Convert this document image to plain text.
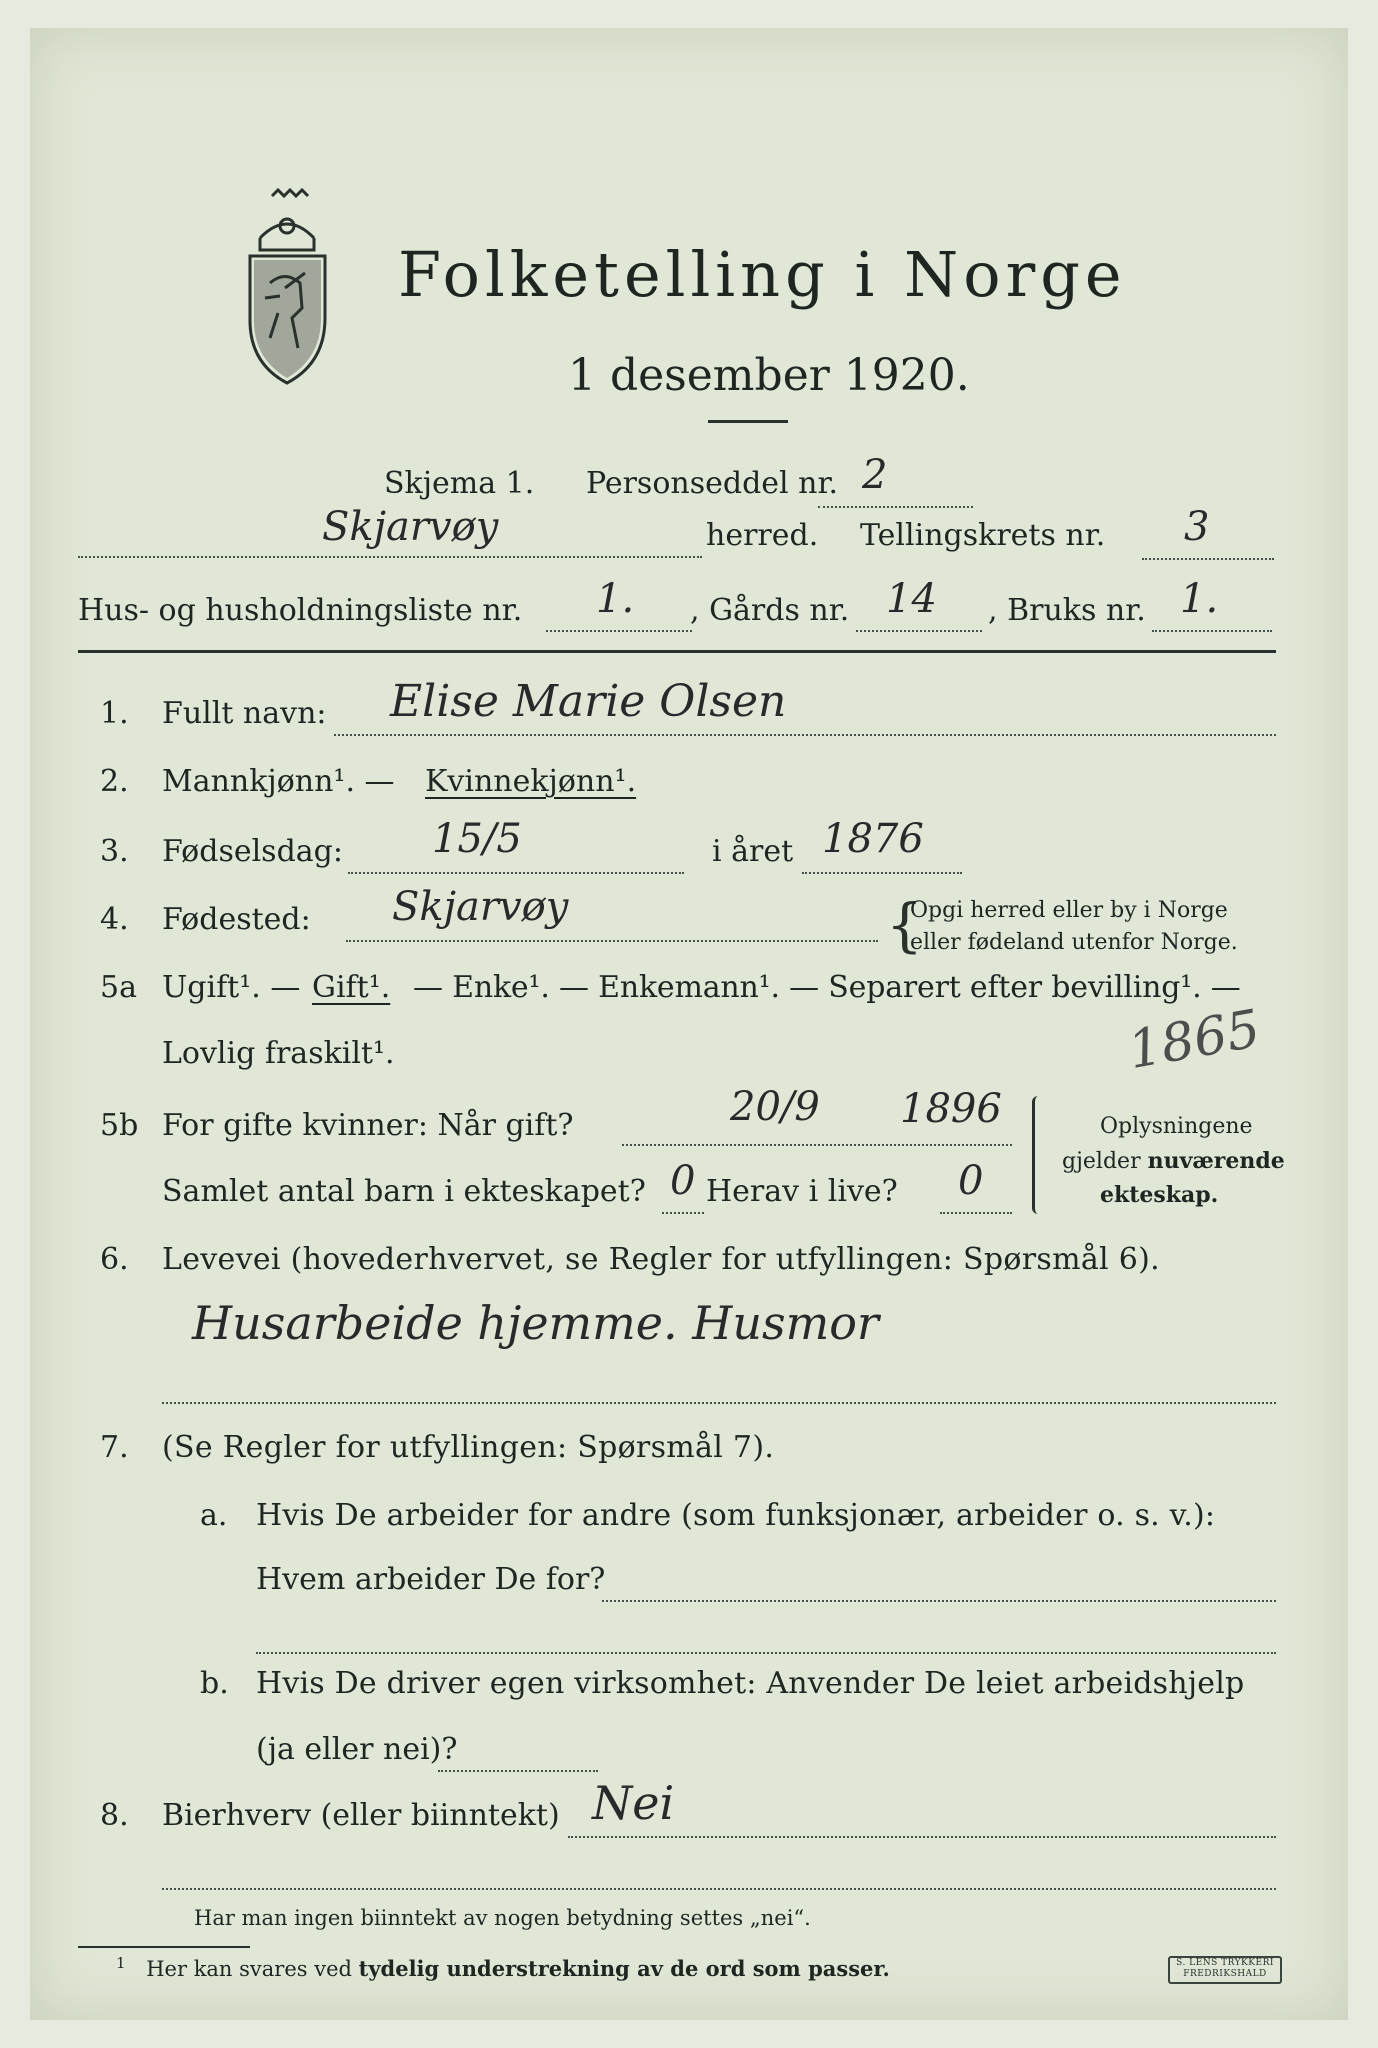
Folketelling i Norge
1 desember 1920.
Skjema 1. Personseddel nr. 2
Skjarvøy	herred. Tellingskrets nr. 3
Hus- og husholdningsliste nr. 1. , Gårds nr. 14 , Bruks nr. 1.
1. Fullt navn: Elise Marie Olsen
2. Mannkjønn¹. — Kvinnekjønn¹.
3. Fødselsdag: 15/5	i året 1876
4. Fødested: Skjarvøy	{
Opgi herred eller by i Norge
eller fødeland utenfor Norge.
5a Ugift¹. — Gift¹. — Enke¹. — Enkemann¹. — Separert efter bevilling¹. —
Lovlig fraskilt¹.	1865
5b For gifte kvinner: Når gift?	20/9 1896
Samlet antal barn i ekteskapet? 0 Herav i live? 0
Oplysningene
gjelder nuværende
ekteskap.
6. Levevei (hovederhvervet, se Regler for utfyllingen: Spørsmål 6).
Husarbeide hjemme. Husmor
7. (Se Regler for utfyllingen: Spørsmål 7).
a. Hvis De arbeider for andre (som funksjonær, arbeider o. s. v.):
Hvem arbeider De for?
b. Hvis De driver egen virksomhet: Anvender De leiet arbeidshjelp
(ja eller nei)?
8. Bierhverv (eller biinntekt) Nei
Har man ingen biinntekt av nogen betydning settes „nei“.
$^1$ Her kan svares ved tydelig understrekning av de ord som passer.	S. LENS TRYKKERI
FREDRIKSHALD
